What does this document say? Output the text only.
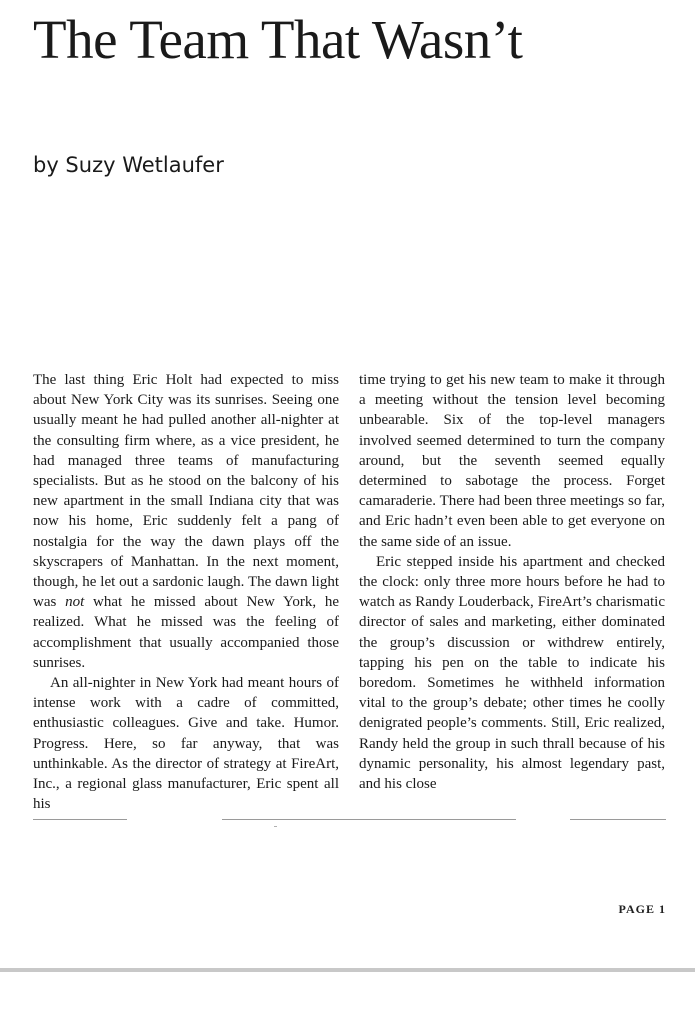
The Team That Wasn’t
by Suzy Wetlaufer

The last thing Eric Holt had expected to miss about New York City was its sunrises. Seeing one usually meant he had pulled another all-nighter at the consulting firm where, as a vice president, he had managed three teams of manufacturing specialists. But as he stood on the balcony of his new apartment in the small Indiana city that was now his home, Eric suddenly felt a pang of nostalgia for the way the dawn plays off the skyscrapers of Manhattan. In the next moment, though, he let out a sardonic laugh. The dawn light was not what he missed about New York, he realized. What he missed was the feeling of accomplishment that usually accompanied those sunrises.

An all-nighter in New York had meant hours of intense work with a cadre of committed, enthusiastic colleagues. Give and take. Humor. Progress. Here, so far anyway, that was unthinkable. As the director of strategy at FireArt, Inc., a regional glass manufacturer, Eric spent all his

time trying to get his new team to make it through a meeting without the tension level becoming unbearable. Six of the top-level managers involved seemed determined to turn the company around, but the seventh seemed equally determined to sabotage the process. Forget camaraderie. There had been three meetings so far, and Eric hadn’t even been able to get everyone on the same side of an issue.

Eric stepped inside his apartment and checked the clock: only three more hours before he had to watch as Randy Louderback, FireArt’s charismatic director of sales and marketing, either dominated the group’s discussion or withdrew entirely, tapping his pen on the table to indicate his boredom. Sometimes he withheld information vital to the group’s debate; other times he coolly denigrated people’s comments. Still, Eric realized, Randy held the group in such thrall because of his dynamic personality, his almost legendary past, and his close

PAGE 1
